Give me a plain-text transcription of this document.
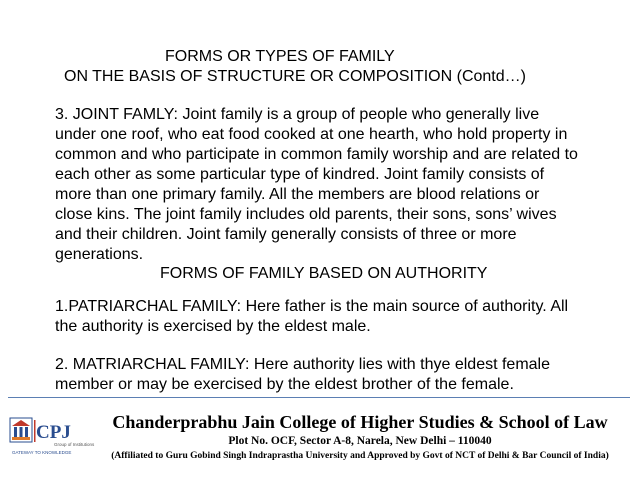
FORMS OR TYPES OF FAMILY
ON THE BASIS OF STRUCTURE OR COMPOSITION (Contd…)
3. JOINT FAMLY: Joint family is a group of people who generally live
under one roof, who eat food cooked at one hearth, who hold property in
common and who participate in common family worship and are related to
each other as some particular type of kindred. Joint family consists of
more than one primary family. All the members are blood relations or
close kins. The joint family includes old parents, their sons, sons’ wives
and their children. Joint family generally consists of three or more
generations.
FORMS OF FAMILY BASED ON AUTHORITY
1.PATRIARCHAL FAMILY: Here father is the main source of authority. All
the authority is exercised by the eldest male.
2. MATRIARCHAL FAMILY: Here authority lies with thye eldest female
member or may be exercised by the eldest brother of the female.
CPJ
Group of Institutions
GATEWAY TO KNOWLEDGE
Chanderprabhu Jain College of Higher Studies & School of Law
Plot No. OCF, Sector A-8, Narela, New Delhi – 110040
(Affiliated to Guru Gobind Singh Indraprastha University and Approved by Govt of NCT of Delhi & Bar Council of India)
